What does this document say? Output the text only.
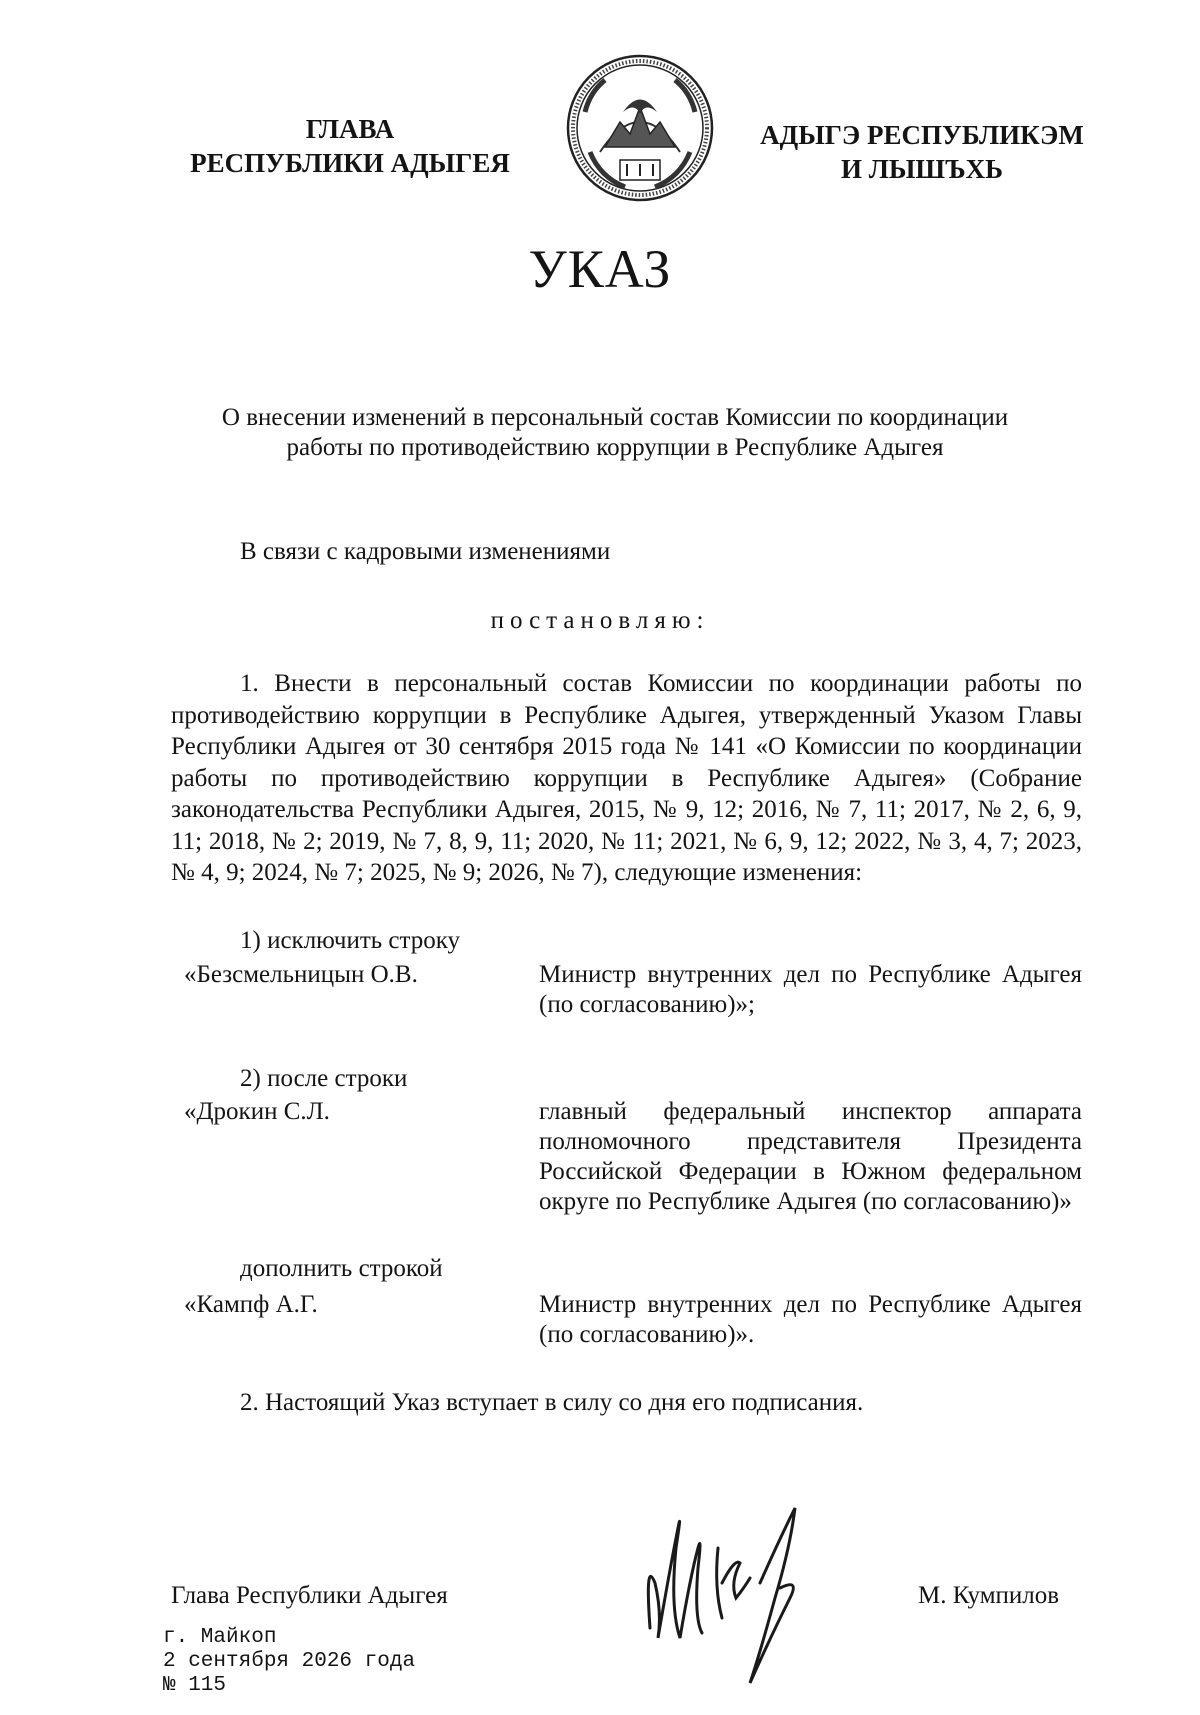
ГЛАВА
РЕСПУБЛИКИ АДЫГЕЯ
АДЫГЭ РЕСПУБЛИКЭМ
И ЛЫШЪХЬ
УКАЗ
О внесении изменений в персональный состав Комиссии по координации
работы по противодействию коррупции в Республике Адыгея
В связи с кадровыми изменениями
постановляю:
1. Внести в персональный состав Комиссии по координации работы по противодействию коррупции в Республике Адыгея, утвержденный Указом Главы Республики Адыгея от 30 сентября 2015 года № 141 «О Комиссии по координации работы по противодействию коррупции в Республике Адыгея» (Собрание законодательства Республики Адыгея, 2015, № 9, 12; 2016, № 7, 11; 2017, № 2, 6, 9, 11; 2018, № 2; 2019, № 7, 8, 9, 11; 2020, № 11; 2021, № 6, 9, 12; 2022, № 3, 4, 7; 2023, № 4, 9; 2024, № 7; 2025, № 9; 2026, № 7), следующие изменения:
1) исключить строку
«Безсмельницын О.В.	Министр внутренних дел по Республике Адыгея (по согласованию)»;
2) после строки
«Дрокин С.Л.	главный федеральный инспектор аппарата полномочного представителя Президента Российской Федерации в Южном федеральном округе по Республике Адыгея (по согласованию)»
дополнить строкой
«Кампф А.Г.	Министр внутренних дел по Республике Адыгея (по согласованию)».
2. Настоящий Указ вступает в силу со дня его подписания.
Глава Республики Адыгея	М. Кумпилов
г. Майкоп
2 сентября 2026 года
№ 115
